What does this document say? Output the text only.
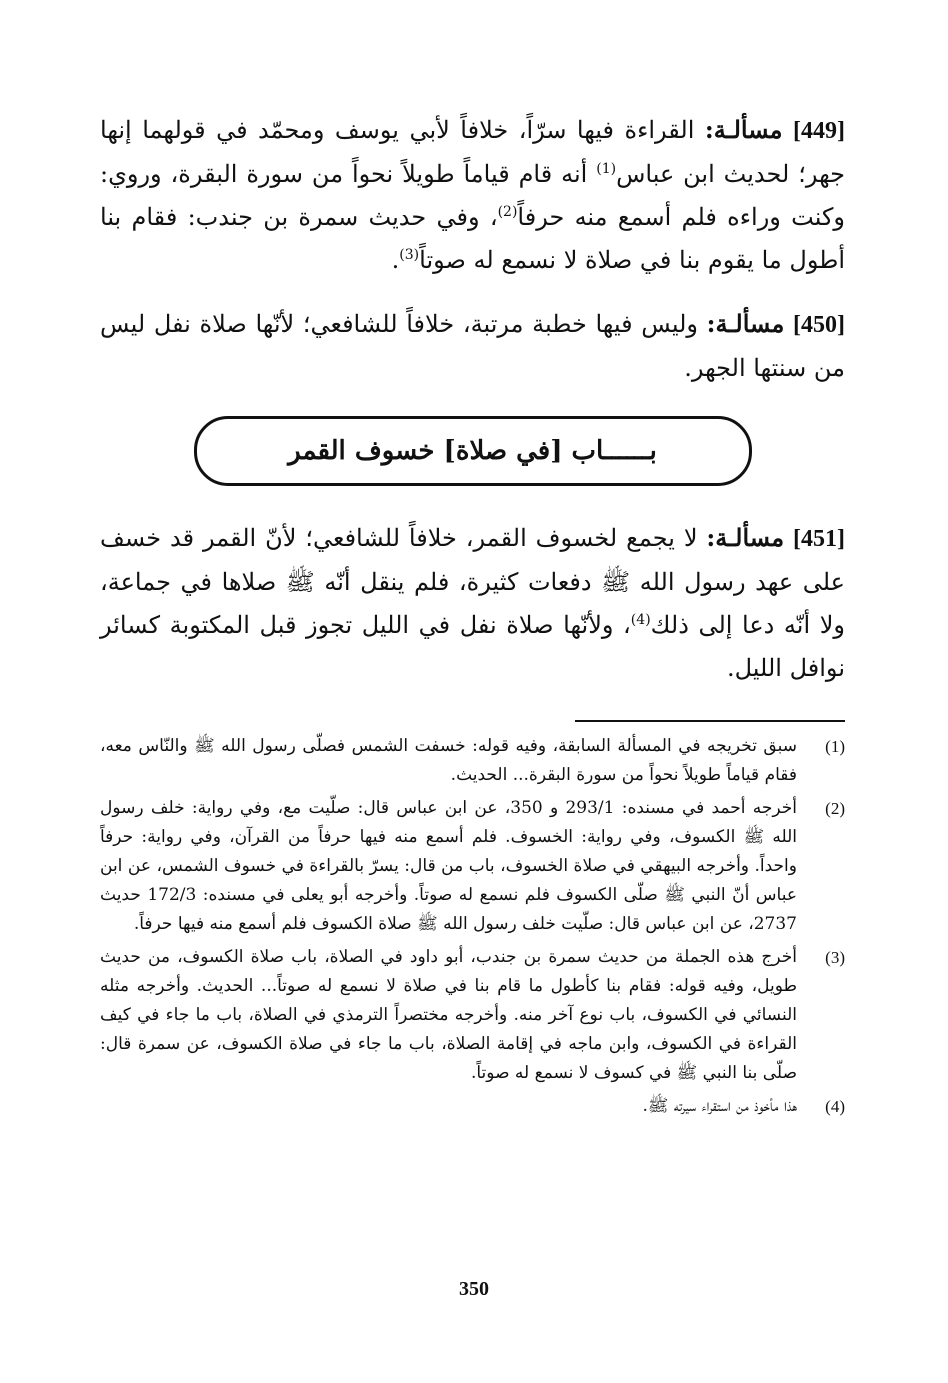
[449] مسألـة: القراءة فيها سرّاً، خلافاً لأبي يوسف ومحمّد في قولهما إنها جهر؛ لحديث ابن عباس$^{(1)}$ أنه قام قياماً طويلاً نحواً من سورة البقرة، وروي: وكنت وراءه فلم أسمع منه حرفاً$^{(2)}$، وفي حديث سمرة بن جندب: فقام بنا أطول ما يقوم بنا في صلاة لا نسمع له صوتاً$^{(3)}$.

[450] مسألـة: وليس فيها خطبة مرتبة، خلافاً للشافعي؛ لأنّها صلاة نفل ليس من سنتها الجهر.

بــــــاب [في صلاة] خسوف القمر

[451] مسألـة: لا يجمع لخسوف القمر، خلافاً للشافعي؛ لأنّ القمر قد خسف على عهد رسول الله ﷺ دفعات كثيرة، فلم ينقل أنّه ﷺ صلاها في جماعة، ولا أنّه دعا إلى ذلك$^{(4)}$، ولأنّها صلاة نفل في الليل تجوز قبل المكتوبة كسائر نوافل الليل.

(1)
سبق تخريجه في المسألة السابقة، وفيه قوله: خسفت الشمس فصلّى رسول الله ﷺ والنّاس معه، فقام قياماً طويلاً نحواً من سورة البقرة... الحديث.
(2)
أخرجه أحمد في مسنده: 293/1 و 350، عن ابن عباس قال: صلّيت مع، وفي رواية: خلف رسول الله ﷺ الكسوف، وفي رواية: الخسوف. فلم أسمع منه فيها حرفاً من القرآن، وفي رواية: حرفاً واحداً. وأخرجه البيهقي في صلاة الخسوف، باب من قال: يسرّ بالقراءة في خسوف الشمس، عن ابن عباس أنّ النبي ﷺ صلّى الكسوف فلم نسمع له صوتاً. وأخرجه أبو يعلى في مسنده: 172/3 حديث 2737، عن ابن عباس قال: صلّيت خلف رسول الله ﷺ صلاة الكسوف فلم أسمع منه فيها حرفاً.
(3)
أخرج هذه الجملة من حديث سمرة بن جندب، أبو داود في الصلاة، باب صلاة الكسوف، من حديث طويل، وفيه قوله: فقام بنا كأطول ما قام بنا في صلاة لا نسمع له صوتاً... الحديث. وأخرجه مثله النسائي في الكسوف، باب نوع آخر منه. وأخرجه مختصراً الترمذي في الصلاة، باب ما جاء في كيف القراءة في الكسوف، وابن ماجه في إقامة الصلاة، باب ما جاء في صلاة الكسوف، عن سمرة قال: صلّى بنا النبي ﷺ في كسوف لا نسمع له صوتاً.
(4)
هذا مأخوذ من استقراء سيرته ﷺ.
350
